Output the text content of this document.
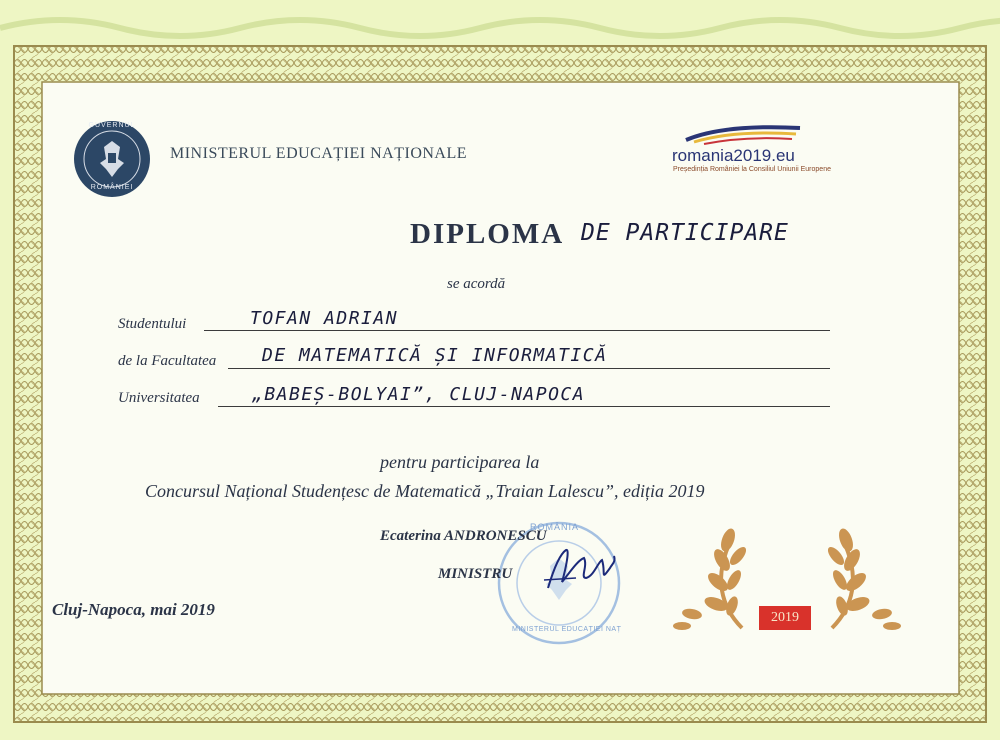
GUVERNUL
ROMÂNIEI
MINISTERUL EDUCAȚIEI NAȚIONALE	romania2019.eu
Președinția României la Consiliul Uniunii Europene
DIPLOMA DE PARTICIPARE
se acordă
Studentului	TOFAN ADRIAN
de la Facultatea	DE MATEMATICĂ ȘI INFORMATICĂ
Universitatea	„BABEȘ-BOLYAI”, CLUJ-NAPOCA
pentru participarea la
Concursul Național Studențesc de Matematică „Traian Lalescu”, ediția 2019
ROMÂNIA
MINISTERUL EDUCAȚIEI NAȚ
Ecaterina ANDRONESCU
MINISTRU
Cluj-Napoca, mai 2019	2019
